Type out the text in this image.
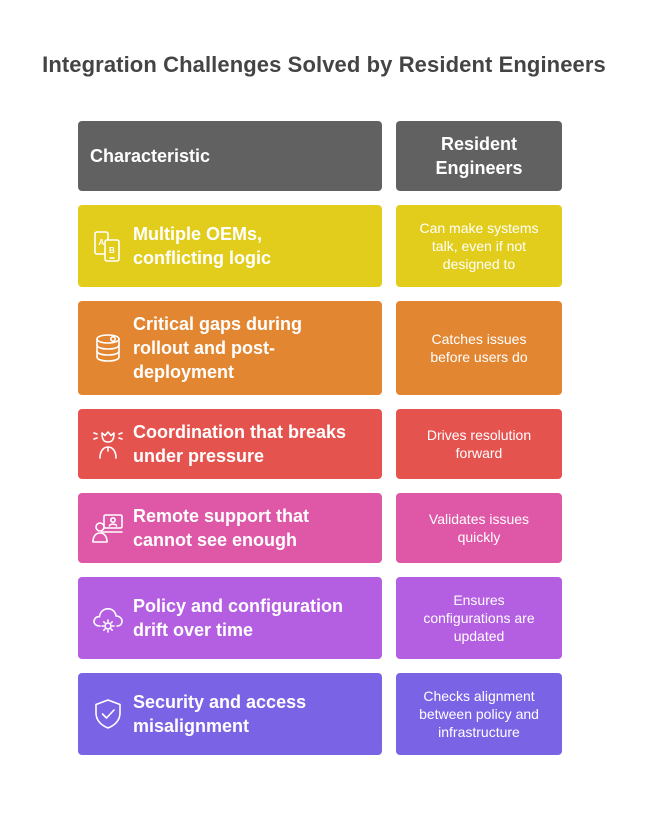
Integration Challenges Solved by Resident Engineers
Characteristic
Resident
Engineers
A
B
Multiple OEMs,
conflicting logic
Can make systems
talk, even if not
designed to
Critical gaps during
rollout and post-
deployment
Catches issues
before users do
Coordination that breaks
under pressure
Drives resolution
forward
Remote support that
cannot see enough
Validates issues
quickly
Policy and configuration
drift over time
Ensures
configurations are
updated
Security and access
misalignment
Checks alignment
between policy and
infrastructure
